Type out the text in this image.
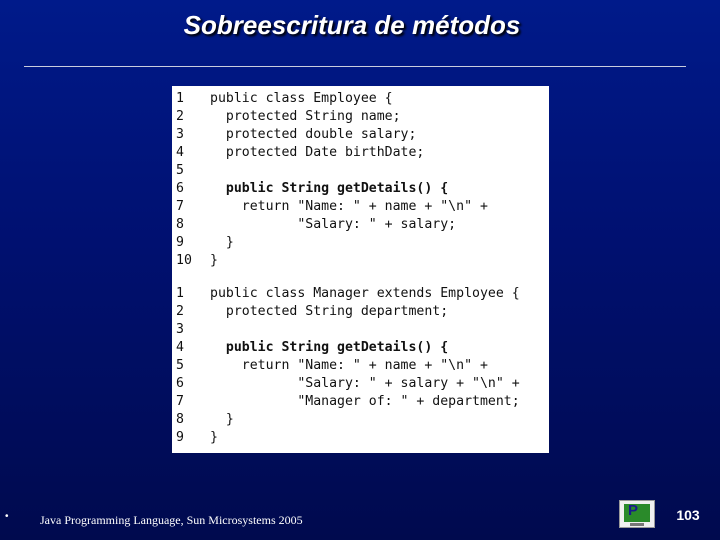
Sobreescritura de métodos
1	public class Employee {
2	protected String name;
3	protected double salary;
4	protected Date birthDate;
5
6	public String getDetails() {
7	return "Name: " + name + "\n" +
8	"Salary: " + salary;
9	}
10	}
1	public class Manager extends Employee {
2	protected String department;
3
4	public String getDetails() {
5	return "Name: " + name + "\n" +
6	"Salary: " + salary + "\n" +
7	"Manager of: " + department;
8	}
9	}
•	Java Programming Language, Sun Microsystems 2005
P	103
